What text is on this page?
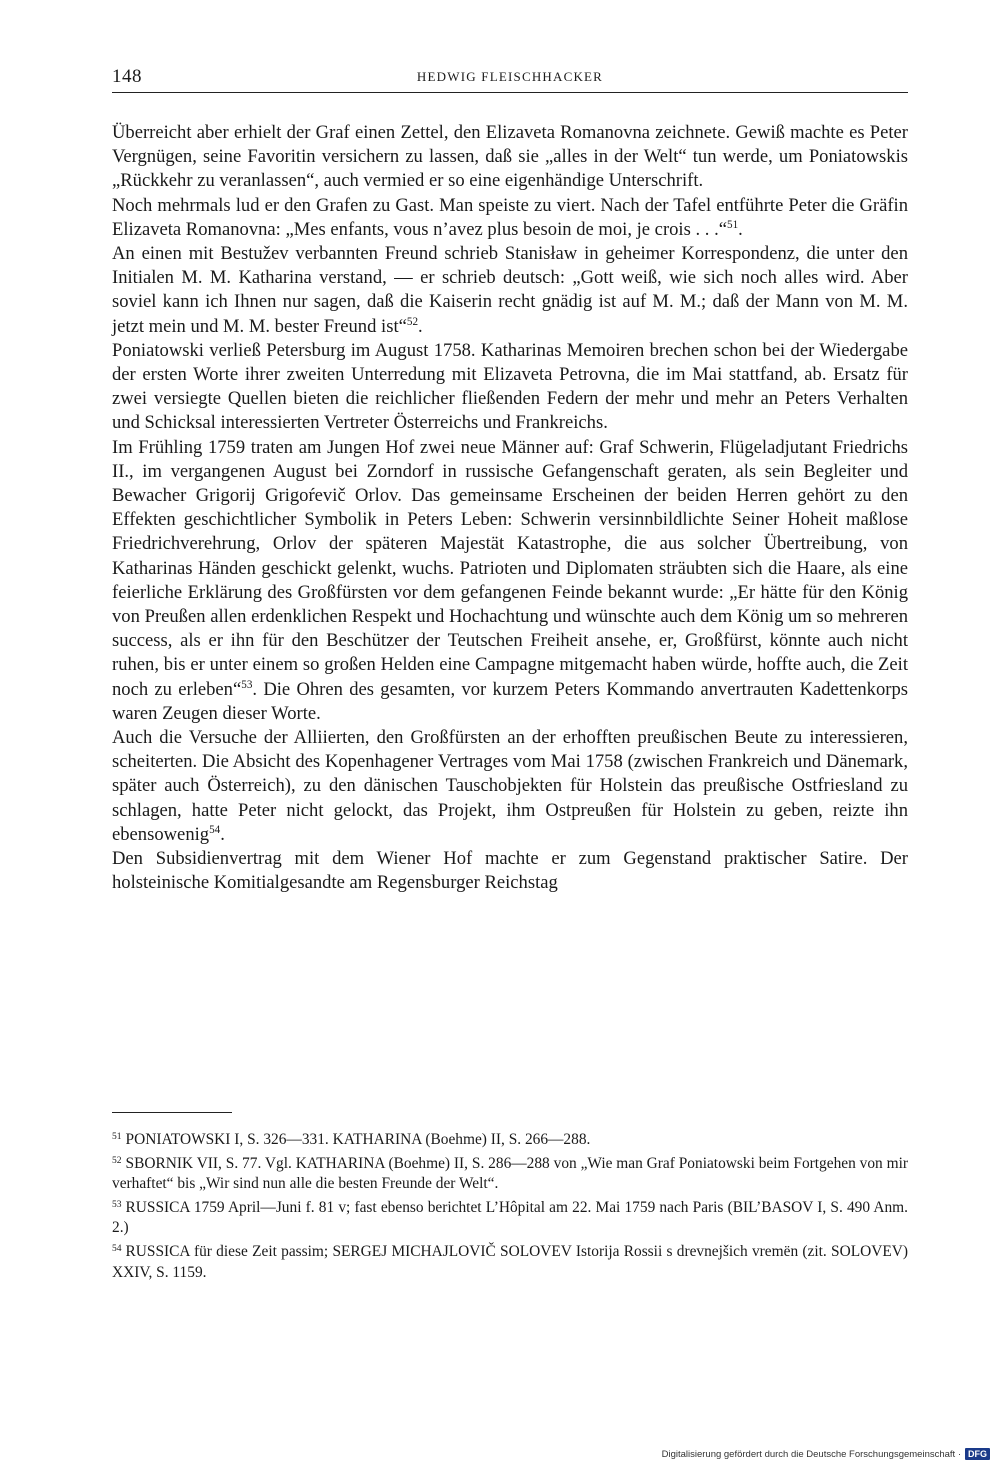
148	HEDWIG FLEISCHHACKER

Überreicht aber erhielt der Graf einen Zettel, den Elizaveta Romanovna zeichnete. Gewiß machte es Peter Vergnügen, seine Favoritin versichern zu lassen, daß sie „alles in der Welt“ tun werde, um Poniatowskis „Rückkehr zu veranlassen“, auch vermied er so eine eigenhändige Unterschrift.

Noch mehrmals lud er den Grafen zu Gast. Man speiste zu viert. Nach der Tafel entführte Peter die Gräfin Elizaveta Romanovna: „Mes enfants, vous n’avez plus besoin de moi, je crois . . .“$^{51}$.

An einen mit Bestužev verbannten Freund schrieb Stanisław in geheimer Korrespondenz, die unter den Initialen M. M. Katharina verstand, — er schrieb deutsch: „Gott weiß, wie sich noch alles wird. Aber soviel kann ich Ihnen nur sagen, daß die Kaiserin recht gnädig ist auf M. M.; daß der Mann von M. M. jetzt mein und M. M. bester Freund ist“$^{52}$.

Poniatowski verließ Petersburg im August 1758. Katharinas Memoiren brechen schon bei der Wiedergabe der ersten Worte ihrer zweiten Unterredung mit Elizaveta Petrovna, die im Mai stattfand, ab. Ersatz für zwei versiegte Quellen bieten die reichlicher fließenden Federn der mehr und mehr an Peters Verhalten und Schicksal interessierten Vertreter Österreichs und Frankreichs.

Im Frühling 1759 traten am Jungen Hof zwei neue Männer auf: Graf Schwerin, Flügeladjutant Friedrichs II., im vergangenen August bei Zorndorf in russische Gefangenschaft geraten, als sein Begleiter und Bewacher Grigorij Grigoŕevič Orlov. Das gemeinsame Erscheinen der beiden Herren gehört zu den Effekten geschichtlicher Symbolik in Peters Leben: Schwerin versinnbildlichte Seiner Hoheit maßlose Friedrichverehrung, Orlov der späteren Majestät Katastrophe, die aus solcher Übertreibung, von Katharinas Händen geschickt gelenkt, wuchs. Patrioten und Diplomaten sträubten sich die Haare, als eine feierliche Erklärung des Großfürsten vor dem gefangenen Feinde bekannt wurde: „Er hätte für den König von Preußen allen erdenklichen Respekt und Hochachtung und wünschte auch dem König um so mehreren success, als er ihn für den Beschützer der Teutschen Freiheit ansehe, er, Großfürst, könnte auch nicht ruhen, bis er unter einem so großen Helden eine Campagne mitgemacht haben würde, hoffte auch, die Zeit noch zu erleben“$^{53}$. Die Ohren des gesamten, vor kurzem Peters Kommando anvertrauten Kadettenkorps waren Zeugen dieser Worte.

Auch die Versuche der Alliierten, den Großfürsten an der erhofften preußischen Beute zu interessieren, scheiterten. Die Absicht des Kopenhagener Vertrages vom Mai 1758 (zwischen Frankreich und Dänemark, später auch Österreich), zu den dänischen Tauschobjekten für Holstein das preußische Ostfriesland zu schlagen, hatte Peter nicht gelockt, das Projekt, ihm Ostpreußen für Holstein zu geben, reizte ihn ebensowenig$^{54}$.

Den Subsidienvertrag mit dem Wiener Hof machte er zum Gegenstand praktischer Satire. Der holsteinische Komitialgesandte am Regensburger Reichstag

$^{51}$ PONIATOWSKI I, S. 326—331. KATHARINA (Boehme) II, S. 266—288.

$^{52}$ SBORNIK VII, S. 77. Vgl. KATHARINA (Boehme) II, S. 286—288 von „Wie man Graf Poniatowski beim Fortgehen von mir verhaftet“ bis „Wir sind nun alle die besten Freunde der Welt“.

$^{53}$ RUSSICA 1759 April—Juni f. 81 v; fast ebenso berichtet L’Hôpital am 22. Mai 1759 nach Paris (BIL’BASOV I, S. 490 Anm. 2.)

$^{54}$ RUSSICA für diese Zeit passim; SERGEJ MICHAJLOVIČ SOLOVEV Istorija Rossii s drevnejšich vremën (zit. SOLOVEV) XXIV, S. 1159.

Digitalisierung gefördert durch die Deutsche Forschungsgemeinschaft · DFG
